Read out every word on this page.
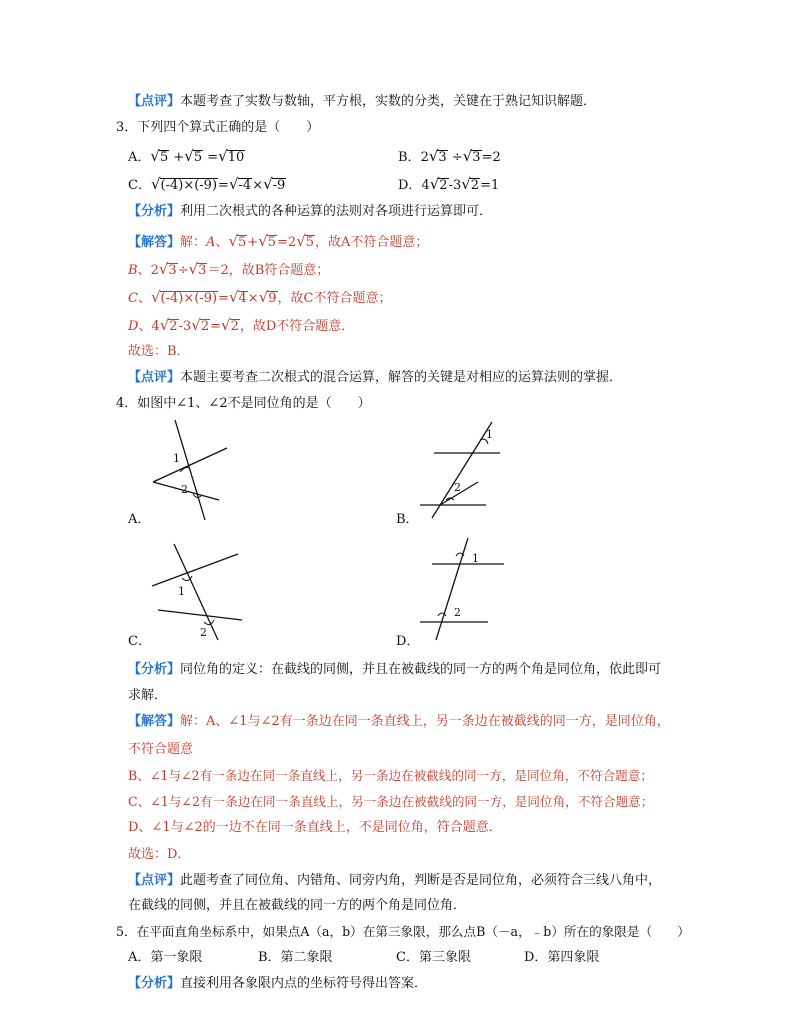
【点评】本题考查了实数与数轴，平方根，实数的分类，关键在于熟记知识解题．
3．下列四个算式正确的是（　　）
A．√5 +√5 =√10	B．2√3 ÷√3=2
C．√(-4)×(-9)=√-4×√-9	D．4√2-3√2=1
【分析】利用二次根式的各种运算的法则对各项进行运算即可．
【解答】解：A、√5+√5=2√5，故A不符合题意；
B、2√3÷√3＝2，故B符合题意；
C、√(-4)×(-9)=√4×√9，故C不符合题意；
D、4√2-3√2=√2，故D不符合题意．
故选：B．
【点评】本题主要考查二次根式的混合运算，解答的关键是对相应的运算法则的掌握．
4．如图中∠1、∠2不是同位角的是（　　）
1
2
A．
1
2
B．
1
2
C．
1
2
D．
【分析】同位角的定义：在截线的同侧，并且在被截线的同一方的两个角是同位角，依此即可
求解．
【解答】解：A、∠1与∠2有一条边在同一条直线上，另一条边在被截线的同一方，是同位角，
不符合题意
B、∠1与∠2有一条边在同一条直线上，另一条边在被截线的同一方，是同位角，不符合题意；
C、∠1与∠2有一条边在同一条直线上，另一条边在被截线的同一方，是同位角，不符合题意；
D、∠1与∠2的一边不在同一条直线上，不是同位角，符合题意．
故选：D．
【点评】此题考查了同位角、内错角、同旁内角，判断是否是同位角，必须符合三线八角中，
在截线的同侧，并且在被截线的同一方的两个角是同位角．
5．在平面直角坐标系中，如果点A（a，b）在第三象限，那么点B（－a，﹣b）所在的象限是（　　）
A．第一象限	B．第二象限	C．第三象限	D．第四象限
【分析】直接利用各象限内点的坐标符号得出答案．
